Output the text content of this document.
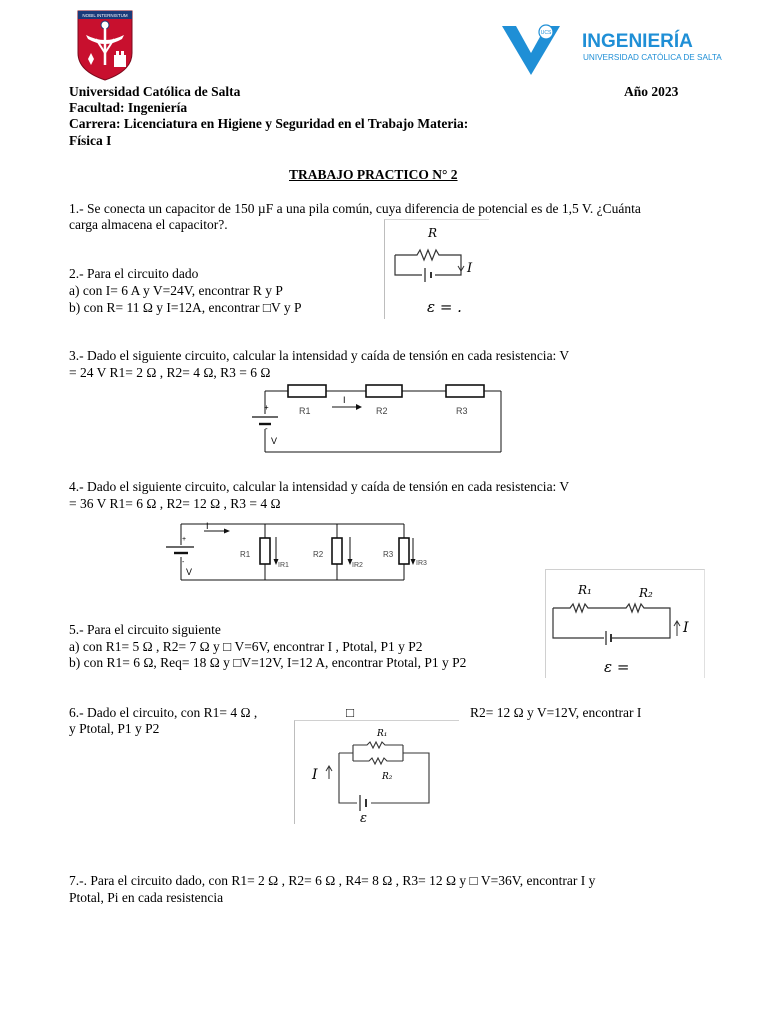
NOBIL INTERNISTUM
UCS INGENIERÍA
UNIVERSIDAD CATÓLICA DE SALTA
Universidad Católica de Salta	Año 2023
Facultad: Ingeniería
Carrera: Licenciatura en Higiene y Seguridad en el Trabajo Materia:
Física I
TRABAJO PRACTICO N° 2
1.- Se conecta un capacitor de 150 µF a una pila común, cuya diferencia de potencial es de 1,5 V. ¿Cuánta
carga almacena el capacitor?.
2.- Para el circuito dado
a) con I= 6 A y V=24V, encontrar R y P
b) con R= 11 Ω y I=12A, encontrar □V y P
R
I
ε = .
3.- Dado el siguiente circuito, calcular la intensidad y caída de tensión en cada resistencia: V
= 24 V R1= 2 Ω , R2= 4 Ω, R3 = 6 Ω
+
-
V
R1	R2	R3
I
4.- Dado el siguiente circuito, calcular la intensidad y caída de tensión en cada resistencia: V
= 36 V R1= 6 Ω , R2= 12 Ω , R3 = 4 Ω
+
-
V
I
R1
IR1
R2
IR2
R3
IR3
R₁	R₂
I
ε =
5.- Para el circuito siguiente
a) con R1= 5 Ω , R2= 7 Ω y □ V=6V, encontrar I , Ptotal, P1 y P2
b) con R1= 6 Ω, Req= 18 Ω y □V=12V, I=12 A, encontrar Ptotal, P1 y P2
6.- Dado el circuito, con R1= 4 Ω ,	□	R2= 12 Ω y V=12V, encontrar I
y Ptotal, P1 y P2	R₁
R₂
I
ε
7.-. Para el circuito dado, con R1= 2 Ω , R2= 6 Ω , R4= 8 Ω , R3= 12 Ω y □ V=36V, encontrar I y
Ptotal, Pi en cada resistencia
